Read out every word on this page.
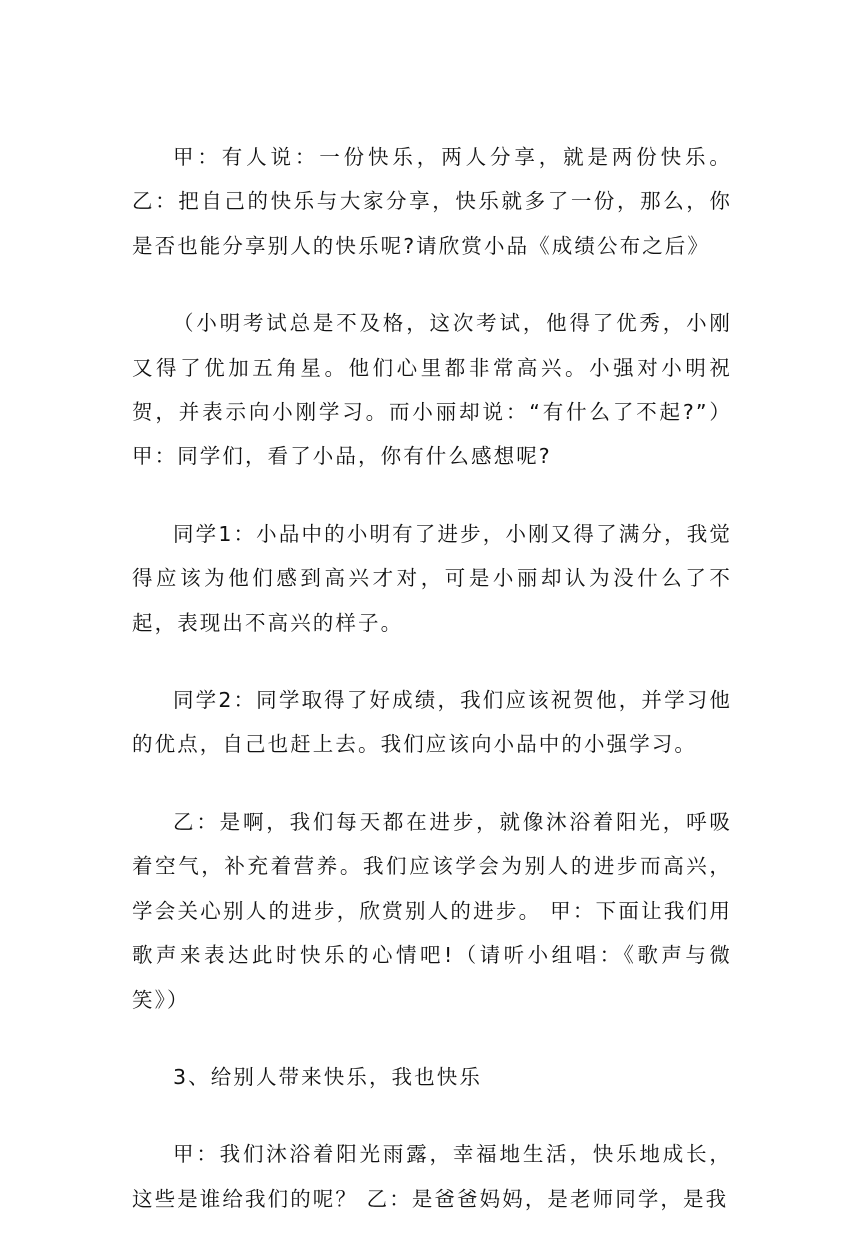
甲：有人说：一份快乐，两人分享，就是两份快乐。 乙：把自己的快乐与大家分享，快乐就多了一份，那么，你是否也能分享别人的快乐呢?请欣赏小品《成绩公布之后》

（小明考试总是不及格，这次考试，他得了优秀，小刚又得了优加五角星。他们心里都非常高兴。小强对小明祝贺，并表示向小刚学习。而小丽却说：“有什么了不起?”） 甲：同学们，看了小品，你有什么感想呢?

同学1：小品中的小明有了进步，小刚又得了满分，我觉得应该为他们感到高兴才对，可是小丽却认为没什么了不起，表现出不高兴的样子。

同学2：同学取得了好成绩，我们应该祝贺他，并学习他的优点，自己也赶上去。我们应该向小品中的小强学习。

乙：是啊，我们每天都在进步，就像沐浴着阳光，呼吸着空气，补充着营养。我们应该学会为别人的进步而高兴，学会关心别人的进步，欣赏别人的进步。 甲：下面让我们用歌声来表达此时快乐的心情吧!（请听小组唱：《歌声与微笑》）

3、给别人带来快乐，我也快乐

甲：我们沐浴着阳光雨露，幸福地生活，快乐地成长，这些是谁给我们的呢？ 乙：是爸爸妈妈，是老师同学，是我
